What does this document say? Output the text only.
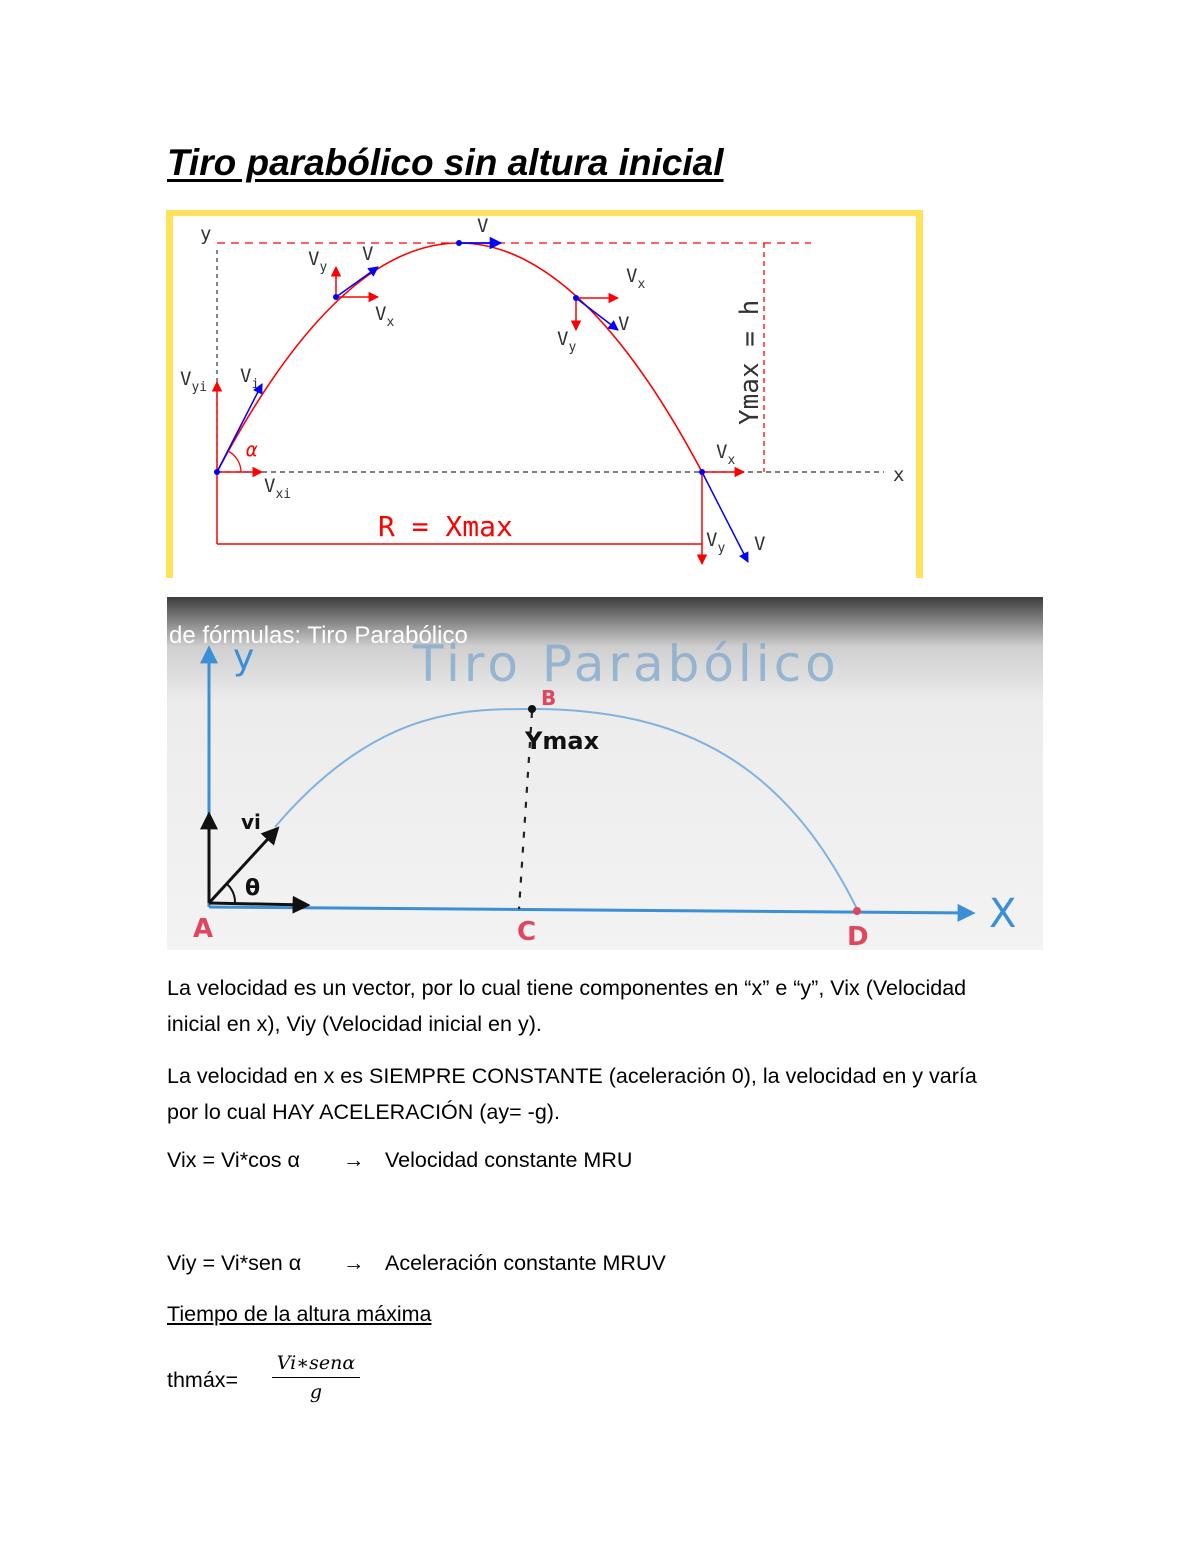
Tiro parabólico sin altura inicial
y
x
V
$V_y$
V
$V_x$
$V_x$
V
$V_y$
$V_{yi}$
$V_i$
α
$V_{xi}$
$V_x$
$V_y$ V
R = Xmax
Ymax = h
Tiro Parabólico
de fórmulas: Tiro Parabólico
y
X
vi
θ
Ymax
A
B
C	D

La velocidad es un vector, por lo cual tiene componentes en “x” e “y”, Vix (Velocidad inicial en x), Viy (Velocidad inicial en y).

La velocidad en x es SIEMPRE CONSTANTE (aceleración 0), la velocidad en y varía por lo cual HAY ACELERACIÓN (ay= -g).

Vix = Vi*cos α	→ Velocidad constante MRU
Viy = Vi*sen α	→ Aceleración constante MRUV

Tiempo de la altura máxima

thmáx=
Vi∗senα
g
